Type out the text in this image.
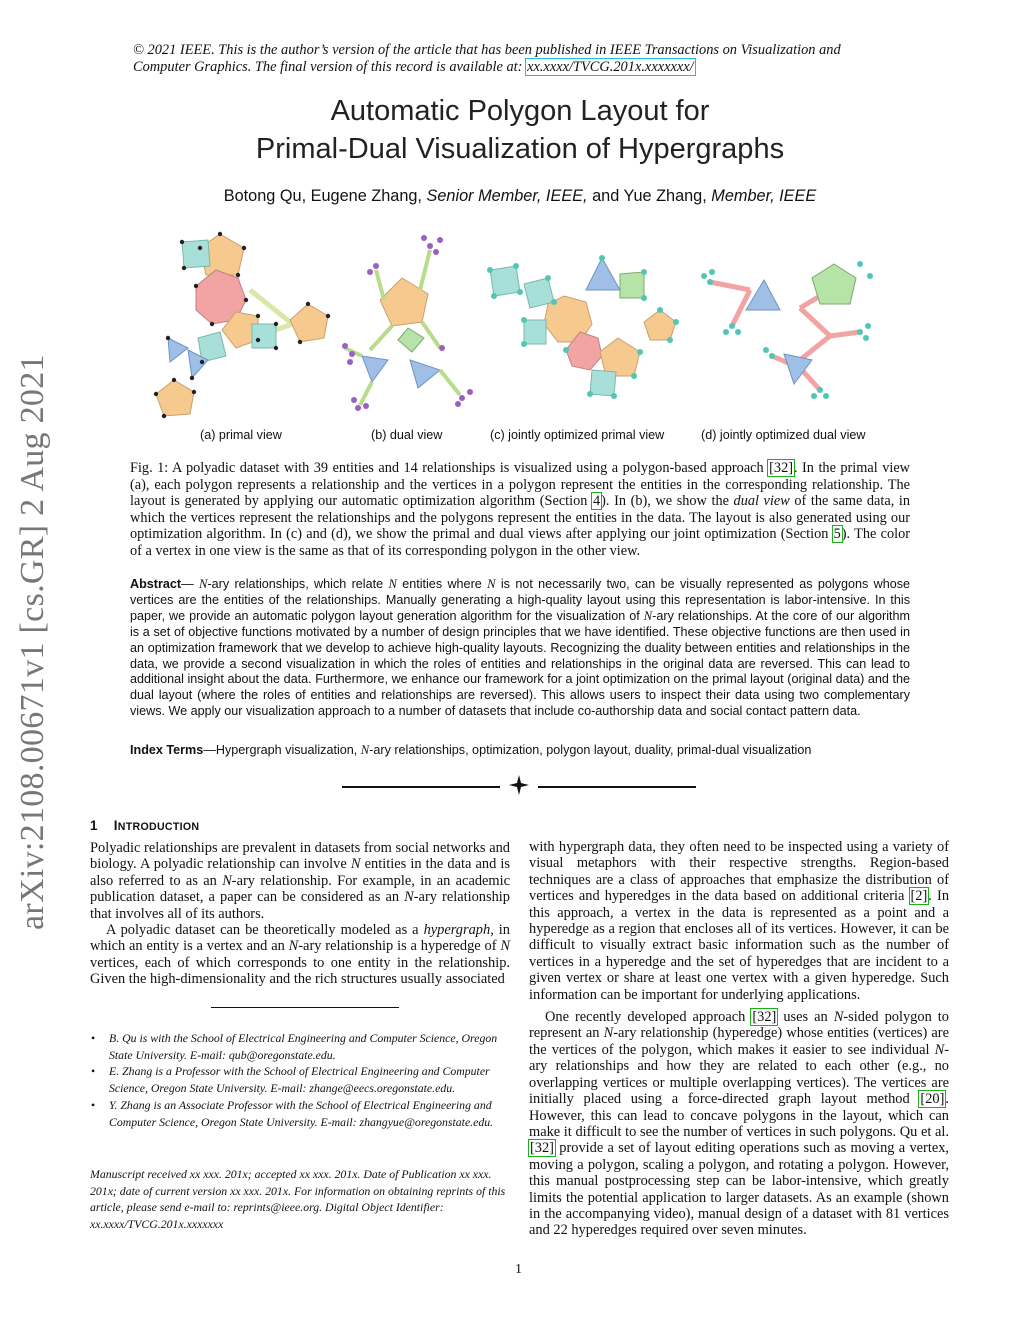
© 2021 IEEE. This is the author’s version of the article that has been published in IEEE Transactions on Visualization and
Computer Graphics. The final version of this record is available at: xx.xxxx/TVCG.201x.xxxxxxx/
arXiv:2108.00671v1 [cs.GR] 2 Aug 2021
Automatic Polygon Layout for
Primal-Dual Visualization of Hypergraphs
Botong Qu, Eugene Zhang, Senior Member, IEEE, and Yue Zhang, Member, IEEE
(a) primal view	(b) dual view	(c) jointly optimized primal view	(d) jointly optimized dual view
Fig. 1: A polyadic dataset with 39 entities and 14 relationships is visualized using a polygon-based approach [32]. In the primal view (a), each polygon represents a relationship and the vertices in a polygon represent the entities in the corresponding relationship. The layout is generated by applying our automatic optimization algorithm (Section 4). In (b), we show the dual view of the same data, in which the vertices represent the relationships and the polygons represent the entities in the data. The layout is also generated using our optimization algorithm. In (c) and (d), we show the primal and dual views after applying our joint optimization (Section 5). The color of a vertex in one view is the same as that of its corresponding polygon in the other view.
Abstract— N-ary relationships, which relate N entities where N is not necessarily two, can be visually represented as polygons whose vertices are the entities of the relationships. Manually generating a high-quality layout using this representation is labor-intensive. In this paper, we provide an automatic polygon layout generation algorithm for the visualization of N-ary relationships. At the core of our algorithm is a set of objective functions motivated by a number of design principles that we have identified. These objective functions are then used in an optimization framework that we develop to achieve high-quality layouts. Recognizing the duality between entities and relationships in the data, we provide a second visualization in which the roles of entities and relationships in the original data are reversed. This can lead to additional insight about the data. Furthermore, we enhance our framework for a joint optimization on the primal layout (original data) and the dual layout (where the roles of entities and relationships are reversed). This allows users to inspect their data using two complementary views. We apply our visualization approach to a number of datasets that include co-authorship data and social contact pattern data.
Index Terms—Hypergraph visualization, N-ary relationships, optimization, polygon layout, duality, primal-dual visualization
1 INTRODUCTION
Polyadic relationships are prevalent in datasets from social networks and biology. A polyadic relationship can involve N entities in the data and is also referred to as an N-ary relationship. For example, in an academic publication dataset, a paper can be considered as an N-ary relationship that involves all of its authors.
A polyadic dataset can be theoretically modeled as a hypergraph, in which an entity is a vertex and an N-ary relationship is a hyperedge of N vertices, each of which corresponds to one entity in the relationship. Given the high-dimensionality and the rich structures usually associated
• B. Qu is with the School of Electrical Engineering and Computer Science, Oregon State University. E-mail: qub@oregonstate.edu.
• E. Zhang is a Professor with the School of Electrical Engineering and Computer Science, Oregon State University. E-mail: zhange@eecs.oregonstate.edu.
• Y. Zhang is an Associate Professor with the School of Electrical Engineering and Computer Science, Oregon State University. E-mail: zhangyue@oregonstate.edu.
Manuscript received xx xxx. 201x; accepted xx xxx. 201x. Date of Publication xx xxx. 201x; date of current version xx xxx. 201x. For information on obtaining reprints of this article, please send e-mail to: reprints@ieee.org. Digital Object Identifier: xx.xxxx/TVCG.201x.xxxxxxx
with hypergraph data, they often need to be inspected using a variety of visual metaphors with their respective strengths. Region-based techniques are a class of approaches that emphasize the distribution of vertices and hyperedges in the data based on additional criteria [2]. In this approach, a vertex in the data is represented as a point and a hyperedge as a region that encloses all of its vertices. However, it can be difficult to visually extract basic information such as the number of vertices in a hyperedge and the set of hyperedges that are incident to a given vertex or share at least one vertex with a given hyperedge. Such information can be important for underlying applications.
One recently developed approach [32] uses an N-sided polygon to represent an N-ary relationship (hyperedge) whose entities (vertices) are the vertices of the polygon, which makes it easier to see individual N-ary relationships and how they are related to each other (e.g., no overlapping vertices or multiple overlapping vertices). The vertices are initially placed using a force-directed graph layout method [20]. However, this can lead to concave polygons in the layout, which can make it difficult to see the number of vertices in such polygons. Qu et al. [32] provide a set of layout editing operations such as moving a vertex, moving a polygon, scaling a polygon, and rotating a polygon. However, this manual postprocessing step can be labor-intensive, which greatly limits the potential application to larger datasets. As an example (shown in the accompanying video), manual design of a dataset with 81 vertices and 22 hyperedges required over seven minutes.
1
